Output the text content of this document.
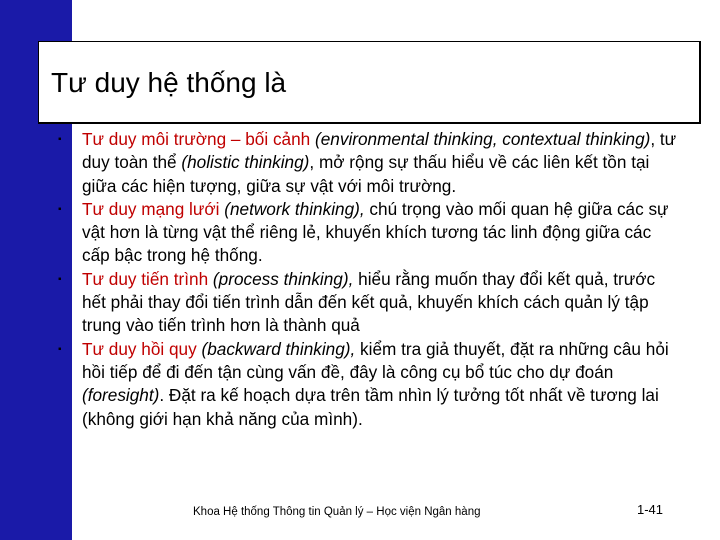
Tư duy hệ thống là
▪ Tư duy môi trường – bối cảnh (environmental thinking, contextual thinking), tư duy toàn thể (holistic thinking), mở rộng sự thấu hiểu về các liên kết tồn tại giữa các hiện tượng, giữa sự vật với môi trường.
▪ Tư duy mạng lưới (network thinking), chú trọng vào mối quan hệ giữa các sự vật hơn là từng vật thể riêng lẻ, khuyến khích tương tác linh động giữa các cấp bậc trong hệ thống.
▪ Tư duy tiến trình (process thinking), hiểu rằng muốn thay đổi kết quả, trước hết phải thay đổi tiến trình dẫn đến kết quả, khuyến khích cách quản lý tập trung vào tiến trình hơn là thành quả
▪ Tư duy hồi quy (backward thinking), kiểm tra giả thuyết, đặt ra những câu hỏi hồi tiếp để đi đến tận cùng vấn đề, đây là công cụ bổ túc cho dự đoán (foresight). Đặt ra kế hoạch dựa trên tầm nhìn lý tưởng tốt nhất về tương lai (không giới hạn khả năng của mình).
Khoa Hệ thống Thông tin Quản lý – Học viện Ngân hàng	1-41
